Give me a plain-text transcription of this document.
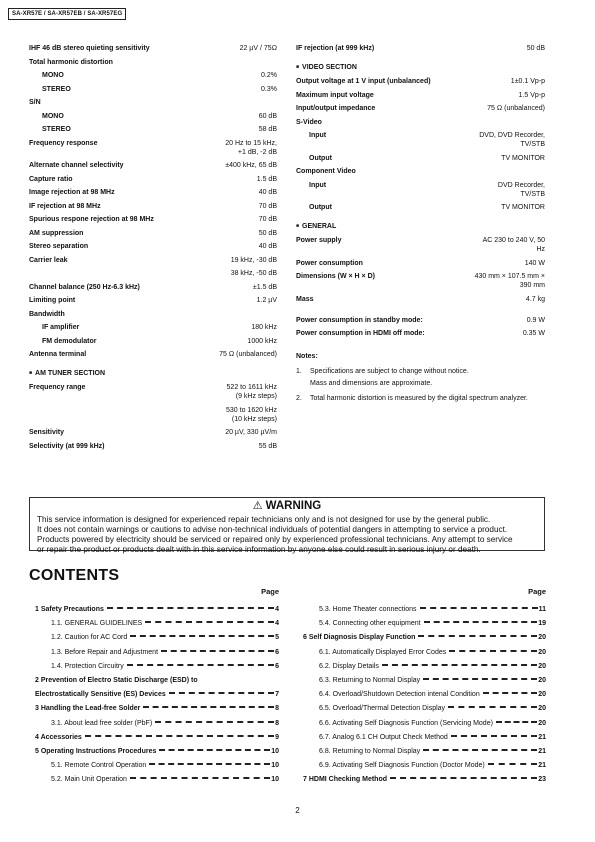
SA-XR57E / SA-XR57EB / SA-XR57EG
IHF 46 dB stereo quieting sensitivity	22 µV / 75Ω
Total harmonic distortion
MONO	0.2%
STEREO	0.3%
S/N
MONO	60 dB
STEREO	58 dB
Frequency response	20 Hz to 15 kHz,
+1 dB, -2 dB
Alternate channel selectivity	±400 kHz, 65 dB
Capture ratio	1.5 dB
Image rejection at 98 MHz	40 dB
IF rejection at 98 MHz	70 dB
Spurious respone rejection at 98 MHz	70 dB
AM suppression	50 dB
Stereo separation	40 dB
Carrier leak	19 kHz, -30 dB
38 kHz, -50 dB
Channel balance (250 Hz-6.3 kHz)	±1.5 dB
Limiting point	1.2 µV
Bandwidth
IF amplifier	180 kHz
FM demodulator	1000 kHz
Antenna terminal	75 Ω (unbalanced)
■ AM TUNER SECTION
Frequency range	522 to 1611 kHz
(9 kHz steps)
530 to 1620 kHz
(10 kHz steps)
Sensitivity	20 µV, 330 µV/m
Selectivity (at 999 kHz)	55 dB
IF rejection (at 999 kHz)	50 dB
■ VIDEO SECTION
Output voltage at 1 V input (unbalanced)	1±0.1 Vp-p
Maximum input voltage	1.5 Vp-p
Input/output impedance	75 Ω (unbalanced)
S-Video
Input	DVD, DVD Recorder,
TV/STB
Output	TV MONITOR
Component Video
Input	DVD Recorder,
TV/STB
Output	TV MONITOR
■ GENERAL
Power supply	AC 230 to 240 V, 50
Hz
Power consumption	140 W
Dimensions (W × H × D)	430 mm × 107.5 mm ×
390 mm
Mass	4.7 kg
Power consumption in standby mode:	0.9 W
Power consumption in HDMI off mode:	0.35 W
Notes:
1.	Specifications are subject to change without notice.
Mass and dimensions are approximate.
2.	Total harmonic distortion is measured by the digital spectrum analyzer.
⚠ WARNING
This service information is designed for experienced repair technicians only and is not designed for use by the general public.
It does not contain warnings or cautions to advise non-technical individuals of potential dangers in attempting to service a product.
Products powered by electricity should be serviced or repaired only by experienced professional technicians. Any attempt to service
or repair the product or products dealt with in this service information by anyone else could result in serious injury or death.
CONTENTS
Page
1 Safety Precautions	4
1.1. GENERAL GUIDELINES	4
1.2. Caution for AC Cord	5
1.3. Before Repair and Adjustment	6
1.4. Protection Circuitry	6
2 Prevention of Electro Static Discharge (ESD) to
Electrostatically Sensitive (ES) Devices	7
3 Handling the Lead-free Solder	8
3.1. About lead free solder (PbF)	8
4 Accessories	9
5 Operating Instructions Procedures	10
5.1. Remote Control Operation	10
5.2. Main Unit Operation	10
Page
5.3. Home Theater connections	11
5.4. Connecting other equipment	19
6 Self Diagnosis Display Function	20
6.1. Automatically Displayed Error Codes	20
6.2. Display Details	20
6.3. Returning to Normal Display	20
6.4. Overload/Shutdown Detection intenal Condition	20
6.5. Overload/Thermal Detection Display	20
6.6. Activating Self Diagnosis Function (Servicing Mode)	20
6.7. Analog 6.1 CH Output Check Method	21
6.8. Returning to Normal Display	21
6.9. Activating Self Diagnosis Function (Doctor Mode)	21
7 HDMI Checking Method	23
2
